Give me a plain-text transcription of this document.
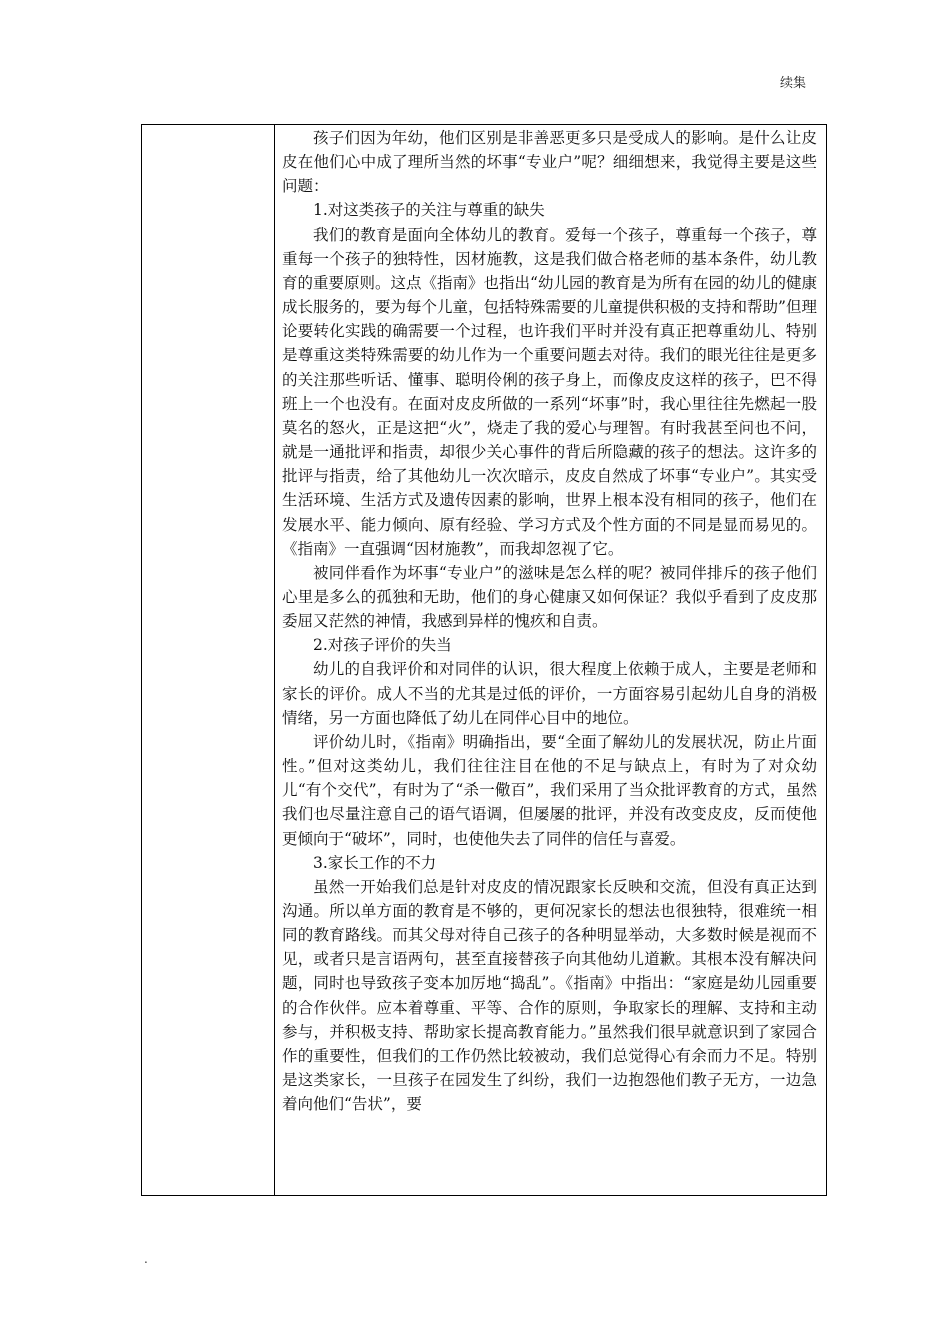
续集

孩子们因为年幼，他们区别是非善恶更多只是受成人的影响。是什么让皮皮在他们心中成了理所当然的坏事“专业户”呢？细细想来，我觉得主要是这些问题：

1.对这类孩子的关注与尊重的缺失

我们的教育是面向全体幼儿的教育。爱每一个孩子，尊重每一个孩子，尊重每一个孩子的独特性，因材施教，这是我们做合格老师的基本条件，幼儿教育的重要原则。这点《指南》也指出“幼儿园的教育是为所有在园的幼儿的健康成长服务的，要为每个儿童，包括特殊需要的儿童提供积极的支持和帮助”但理论要转化实践的确需要一个过程，也许我们平时并没有真正把尊重幼儿、特别是尊重这类特殊需要的幼儿作为一个重要问题去对待。我们的眼光往往是更多的关注那些听话、懂事、聪明伶俐的孩子身上，而像皮皮这样的孩子，巴不得班上一个也没有。在面对皮皮所做的一系列“坏事”时，我心里往往先燃起一股莫名的怒火，正是这把“火”，烧走了我的爱心与理智。有时我甚至问也不问，就是一通批评和指责，却很少关心事件的背后所隐藏的孩子的想法。这许多的批评与指责，给了其他幼儿一次次暗示，皮皮自然成了坏事“专业户”。其实受生活环境、生活方式及遗传因素的影响，世界上根本没有相同的孩子，他们在发展水平、能力倾向、原有经验、学习方式及个性方面的不同是显而易见的。《指南》一直强调“因材施教”，而我却忽视了它。

被同伴看作为坏事“专业户”的滋味是怎么样的呢？被同伴排斥的孩子他们心里是多么的孤独和无助，他们的身心健康又如何保证？我似乎看到了皮皮那委屈又茫然的神情，我感到异样的愧疚和自责。

2.对孩子评价的失当

幼儿的自我评价和对同伴的认识，很大程度上依赖于成人，主要是老师和家长的评价。成人不当的尤其是过低的评价，一方面容易引起幼儿自身的消极情绪，另一方面也降低了幼儿在同伴心目中的地位。

评价幼儿时，《指南》明确指出，要“全面了解幼儿的发展状况，防止片面性。”但对这类幼儿，我们往往注目在他的不足与缺点上，有时为了对众幼儿“有个交代”，有时为了“杀一儆百”，我们采用了当众批评教育的方式，虽然我们也尽量注意自己的语气语调，但屡屡的批评，并没有改变皮皮，反而使他更倾向于“破坏”，同时，也使他失去了同伴的信任与喜爱。

3.家长工作的不力

虽然一开始我们总是针对皮皮的情况跟家长反映和交流，但没有真正达到沟通。所以单方面的教育是不够的，更何况家长的想法也很独特，很难统一相同的教育路线。而其父母对待自己孩子的各种明显举动，大多数时候是视而不见，或者只是言语两句，甚至直接替孩子向其他幼儿道歉。其根本没有解决问题，同时也导致孩子变本加厉地“捣乱”。《指南》中指出：“家庭是幼儿园重要的合作伙伴。应本着尊重、平等、合作的原则，争取家长的理解、支持和主动参与，并积极支持、帮助家长提高教育能力。”虽然我们很早就意识到了家园合作的重要性，但我们的工作仍然比较被动，我们总觉得心有余而力不足。特别是这类家长，一旦孩子在园发生了纠纷，我们一边抱怨他们教子无方，一边急着向他们“告状”，要

.
